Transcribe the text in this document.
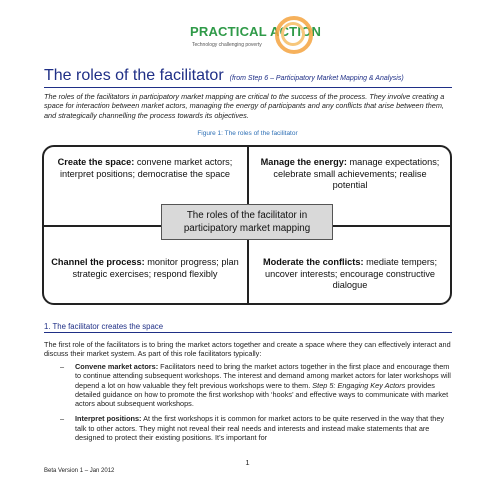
PRACTICAL ACTION
Technology challenging poverty
The roles of the facilitator (from Step 6 – Participatory Market Mapping & Analysis)
The roles of the facilitators in participatory market mapping are critical to the success of the process. They involve creating a space for interaction between market actors, managing the energy of participants and any conflicts that arise between them, and strategically channelling the process towards its objectives.
Figure 1: The roles of the facilitator
Create the space: convene market actors; interpret positions; democratise the space
Manage the energy: manage expectations; celebrate small achievements; realise potential
Channel the process: monitor progress; plan strategic exercises; respond flexibly
Moderate the conflicts: mediate tempers; uncover interests; encourage constructive dialogue
The roles of the facilitator in participatory market mapping
1. The facilitator creates the space
The first role of the facilitators is to bring the market actors together and create a space where they can effectively interact and discuss their market system. As part of this role facilitators typically:
– Convene market actors: Facilitators need to bring the market actors together in the first place and encourage them to continue attending subsequent workshops. The interest and demand among market actors for later workshops will depend a lot on how valuable they felt previous workshops were to them. Step 5: Engaging Key Actors provides detailed guidance on how to promote the first workshop with ‘hooks’ and effective ways to communicate with market actors about subsequent workshops.
– Interpret positions: At the first workshops it is common for market actors to be quite reserved in the way that they talk to other actors. They might not reveal their real needs and interests and instead make statements that are designed to protect their existing positions. It’s important for
1
Beta Version 1 – Jan 2012
